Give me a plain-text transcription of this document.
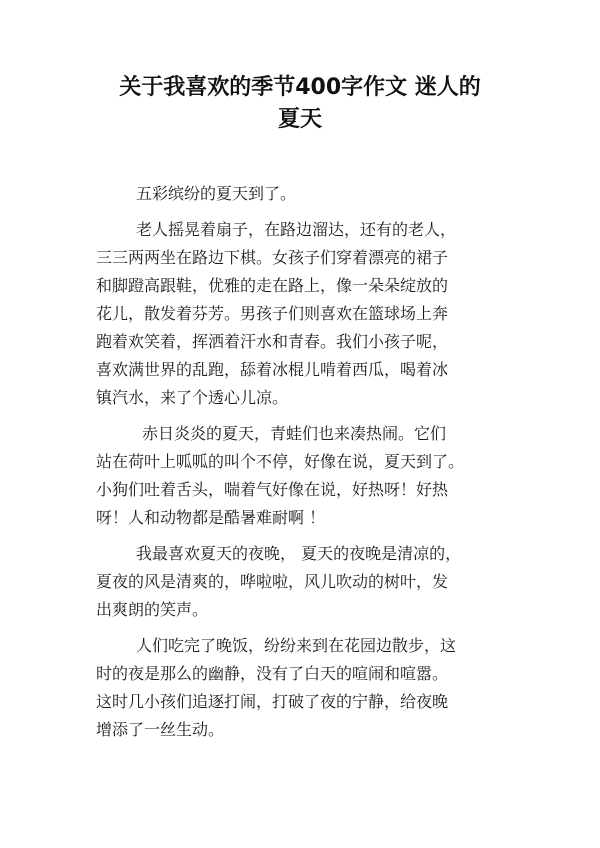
关于我喜欢的季节400字作文 迷人的
夏天

五彩缤纷的夏天到了。

老人摇晃着扇子，在路边溜达，还有的老人，
三三两两坐在路边下棋。女孩子们穿着漂亮的裙子
和脚蹬高跟鞋，优雅的走在路上，像一朵朵绽放的
花儿，散发着芬芳。男孩子们则喜欢在篮球场上奔
跑着欢笑着，挥洒着汗水和青春。我们小孩子呢，
喜欢满世界的乱跑，舔着冰棍儿啃着西瓜，喝着冰
镇汽水，来了个透心儿凉。

赤日炎炎的夏天，青蛙们也来凑热闹。它们
站在荷叶上呱呱的叫个不停，好像在说，夏天到了。
小狗们吐着舌头，喘着气好像在说，好热呀！好热
呀！人和动物都是酷暑难耐啊 ！

我最喜欢夏天的夜晚， 夏天的夜晚是清凉的，
夏夜的风是清爽的，哗啦啦，风儿吹动的树叶，发
出爽朗的笑声。

人们吃完了晚饭，纷纷来到在花园边散步，这
时的夜是那么的幽静，没有了白天的喧闹和喧嚣。
这时几小孩们追逐打闹，打破了夜的宁静，给夜晚
增添了一丝生动。
